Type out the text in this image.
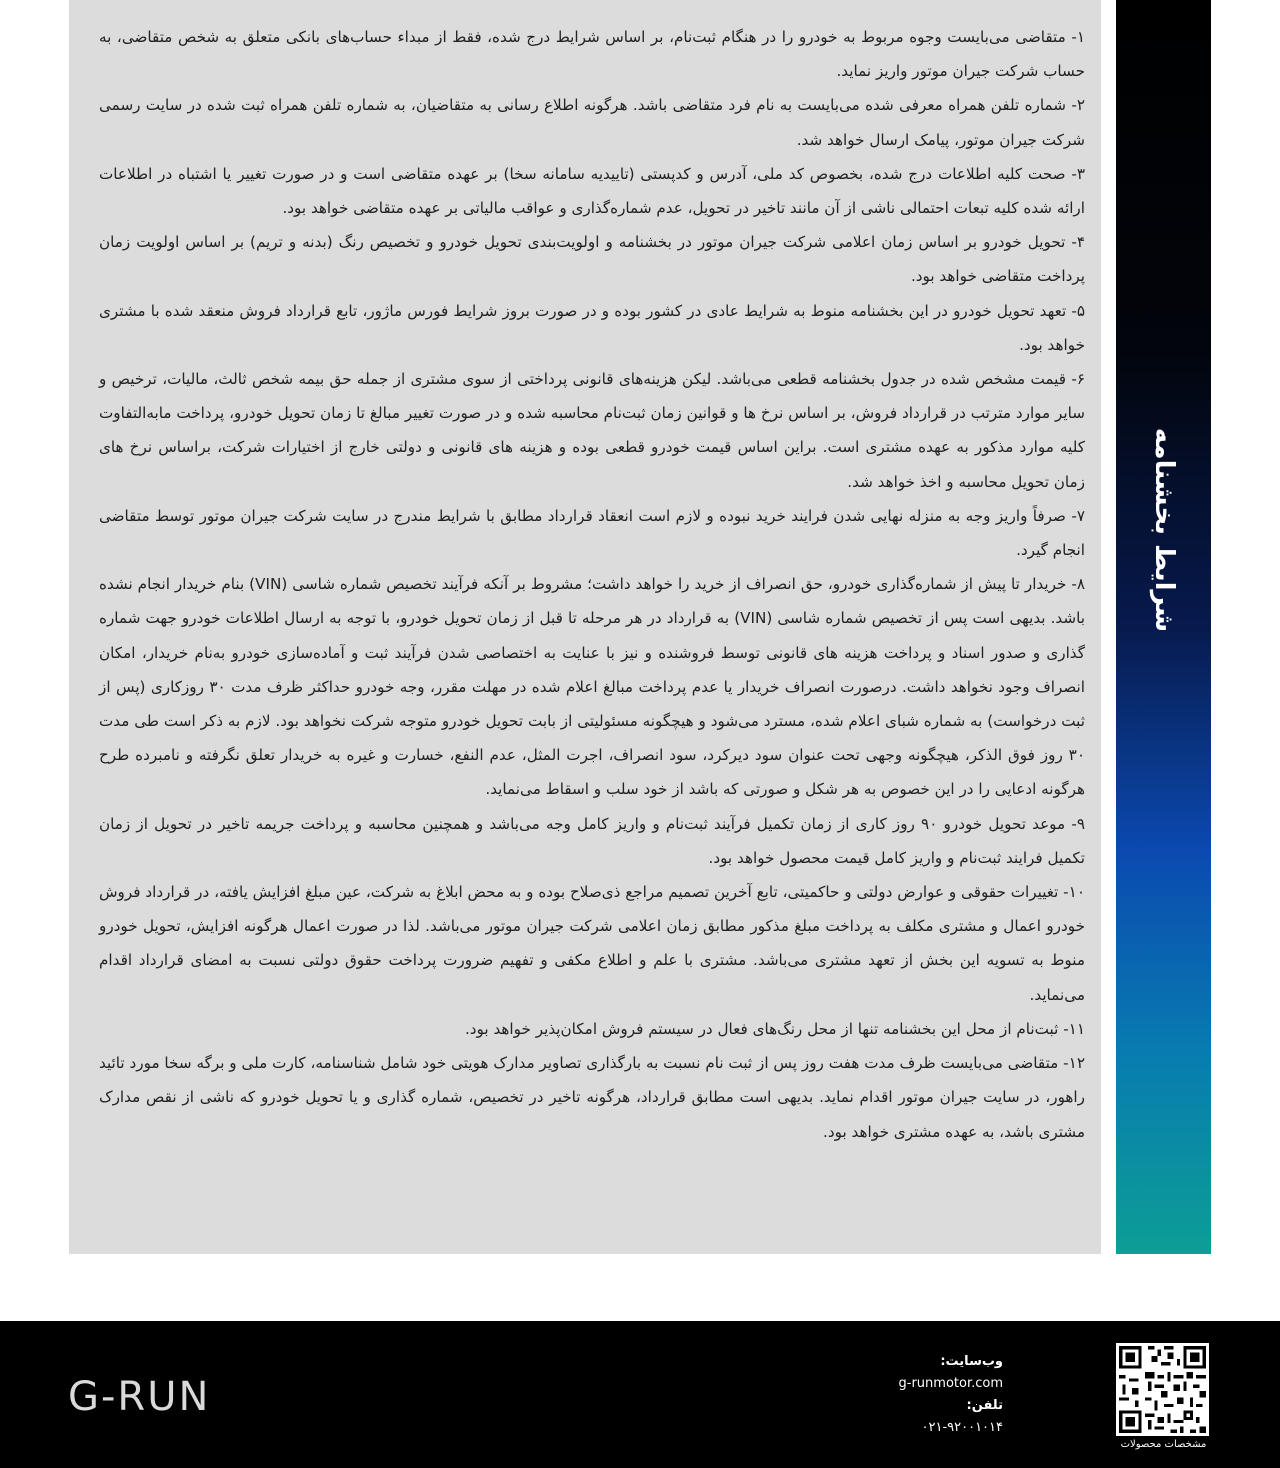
۱- متقاضی می‌بایست وجوه مربوط به خودرو را در هنگام ثبت‌نام، بر اساس شرایط درج شده، فقط از مبداء حساب‌های بانکی متعلق به شخص متقاضی، به حساب شرکت جیران موتور واریز نماید.

۲- شماره تلفن همراه معرفی شده می‌بایست به نام فرد متقاضی باشد. هرگونه اطلاع رسانی به متقاضیان، به شماره تلفن همراه ثبت شده در سایت رسمی شرکت جیران موتور، پیامک ارسال خواهد شد.

۳- صحت کلیه اطلاعات درج شده، بخصوص کد ملی، آدرس و کدپستی (تاییدیه سامانه سخا) بر عهده متقاضی است و در صورت تغییر یا اشتباه در اطلاعات ارائه شده کلیه تبعات احتمالی ناشی از آن مانند تاخیر در تحویل، عدم شماره‌گذاری و عواقب مالیاتی بر عهده متقاضی خواهد بود.

۴- تحویل خودرو بر اساس زمان اعلامی شرکت جیران موتور در بخشنامه و اولویت‌بندی تحویل خودرو و تخصیص رنگ (بدنه و تریم) بر اساس اولویت زمان پرداخت متقاضی خواهد بود.

۵- تعهد تحویل خودرو در این بخشنامه منوط به شرایط عادی در کشور بوده و در صورت بروز شرایط فورس ماژور، تابع قرارداد فروش منعقد شده با مشتری خواهد بود.

۶- قیمت مشخص شده در جدول بخشنامه قطعی می‌باشد. لیکن هزینه‌های قانونی پرداختی از سوی مشتری از جمله حق بیمه شخص ثالث، مالیات، ترخیص و سایر موارد مترتب در قرارداد فروش، بر اساس نرخ ها و قوانین زمان ثبت‌نام محاسبه شده و در صورت تغییر مبالغ تا زمان تحویل خودرو، پرداخت مابه‌التفاوت کلیه موارد مذکور به عهده مشتری است. براین اساس قیمت خودرو قطعی بوده و هزینه های قانونی و دولتی خارج از اختیارات شرکت، براساس نرخ های زمان تحویل محاسبه و اخذ خواهد شد.

۷- صرفاً واریز وجه به منزله نهایی شدن فرایند خرید نبوده و لازم است انعقاد قرارداد مطابق با شرایط مندرج در سایت شرکت جیران موتور توسط متقاضی انجام گیرد.

۸- خریدار تا پیش از شماره‌گذاری خودرو، حق انصراف از خرید را خواهد داشت؛ مشروط بر آنکه فرآیند تخصیص شماره شاسی (VIN) بنام خریدار انجام نشده باشد. بدیهی است پس از تخصیص شماره شاسی (VIN) به قرارداد در هر مرحله تا قبل از زمان تحویل خودرو، با توجه به ارسال اطلاعات خودرو جهت شماره گذاری و صدور اسناد و پرداخت هزینه های قانونی توسط فروشنده و نیز با عنایت به اختصاصی شدن فرآیند ثبت و آماده‌سازی خودرو به‌نام خریدار، امکان انصراف وجود نخواهد داشت. درصورت انصراف خریدار یا عدم پرداخت مبالغ اعلام شده در مهلت مقرر، وجه خودرو حداکثر ظرف مدت ۳۰ روزکاری (پس از ثبت درخواست) به شماره شبای اعلام شده، مسترد می‌شود و هیچگونه مسئولیتی از بابت تحویل خودرو متوجه شرکت نخواهد بود. لازم به ذکر است طی مدت ۳۰ روز فوق الذکر، هیچگونه وجهی تحت عنوان سود دیرکرد، سود انصراف، اجرت المثل، عدم النفع، خسارت و غیره به خریدار تعلق نگرفته و نامبرده طرح هرگونه ادعایی را در این خصوص به هر شکل و صورتی که باشد از خود سلب و اسقاط می‌نماید.

۹- موعد تحویل خودرو ۹۰ روز کاری از زمان تکمیل فرآیند ثبت‌نام و واریز کامل وجه می‌باشد و همچنین محاسبه و پرداخت جریمه تاخیر در تحویل از زمان تکمیل فرایند ثبت‌نام و واریز کامل قیمت محصول خواهد بود.

۱۰- تغییرات حقوقی و عوارض دولتی و حاکمیتی، تابع آخرین تصمیم مراجع ذی‌صلاح بوده و به محض ابلاغ به شرکت، عین مبلغ افزایش یافته، در قرارداد فروش خودرو اعمال و مشتری مکلف به پرداخت مبلغ مذکور مطابق زمان اعلامی شرکت جیران موتور می‌باشد. لذا در صورت اعمال هرگونه افزایش، تحویل خودرو منوط به تسویه این بخش از تعهد مشتری می‌باشد. مشتری با علم و اطلاع مکفی و تفهیم ضرورت پرداخت حقوق دولتی نسبت به امضای قرارداد اقدام می‌نماید.

۱۱- ثبت‌نام از محل این بخشنامه تنها از محل رنگ‌های فعال در سیستم فروش امکان‌پذیر خواهد بود.

۱۲- متقاضی می‌بایست ظرف مدت هفت روز پس از ثبت نام نسبت به بارگذاری تصاویر مدارک هویتی خود شامل شناسنامه، کارت ملی و برگه سخا مورد تائید راهور، در سایت جیران موتور اقدام نماید. بدیهی است مطابق قرارداد، هرگونه تاخیر در تخصیص، شماره گذاری و یا تحویل خودرو که ناشی از نقص مدارک مشتری باشد، به عهده مشتری خواهد بود.

شرایط بخشنامه
G-RUN
وب‌سایت:
g-runmotor.com
تلفن:
۰۲۱-۹۲۰۰۱۰۱۴
مشخصات محصولات
